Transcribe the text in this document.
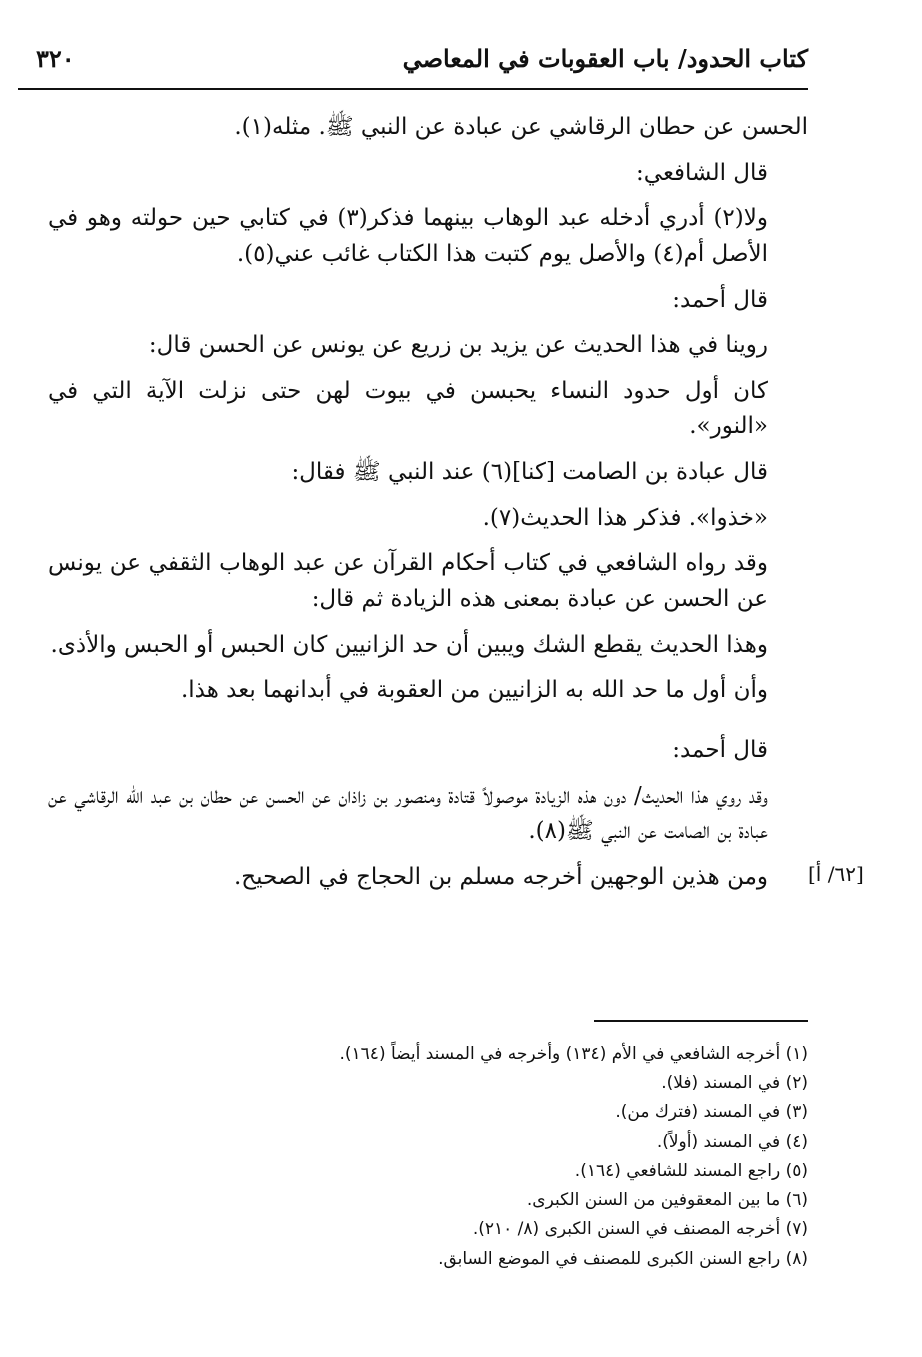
كتاب الحدود/ باب العقوبات في المعاصي
٣٢٠

الحسن عن حطان الرقاشي عن عبادة عن النبي ﷺ. مثله(١).

قال الشافعي:

ولا(٢) أدري أدخله عبد الوهاب بينهما فذكر(٣) في كتابي حين حولته وهو في الأصل أم(٤) والأصل يوم كتبت هذا الكتاب غائب عني(٥).

قال أحمد:

روينا في هذا الحديث عن يزيد بن زريع عن يونس عن الحسن قال:

كان أول حدود النساء يحبسن في بيوت لهن حتى نزلت الآية التي في «النور».

قال عبادة بن الصامت [كنا](٦) عند النبي ﷺ فقال:

«خذوا». فذكر هذا الحديث(٧).

وقد رواه الشافعي في كتاب أحكام القرآن عن عبد الوهاب الثقفي عن يونس عن الحسن عن عبادة بمعنى هذه الزيادة ثم قال:

وهذا الحديث يقطع الشك ويبين أن حد الزانيين كان الحبس أو الحبس والأذى.

وأن أول ما حد الله به الزانيين من العقوبة في أبدانهما بعد هذا.

قال أحمد:

وقد روي هذا الحديث/ دون هذه الزيادة موصولاً قتادة ومنصور بن زاذان عن الحسن عن حطان بن عبد الله الرقاشي عن عبادة بن الصامت عن النبي ﷺ(٨).

ومن هذين الوجهين أخرجه مسلم بن الحجاج في الصحيح.	[٦٢/ أ]

(١) أخرجه الشافعي في الأم (١٣٤) وأخرجه في المسند أيضاً (١٦٤).

(٢) في المسند (فلا).

(٣) في المسند (فترك من).

(٤) في المسند (أولاً).

(٥) راجع المسند للشافعي (١٦٤).

(٦) ما بين المعقوفين من السنن الكبرى.

(٧) أخرجه المصنف في السنن الكبرى (٨/ ٢١٠).

(٨) راجع السنن الكبرى للمصنف في الموضع السابق.
